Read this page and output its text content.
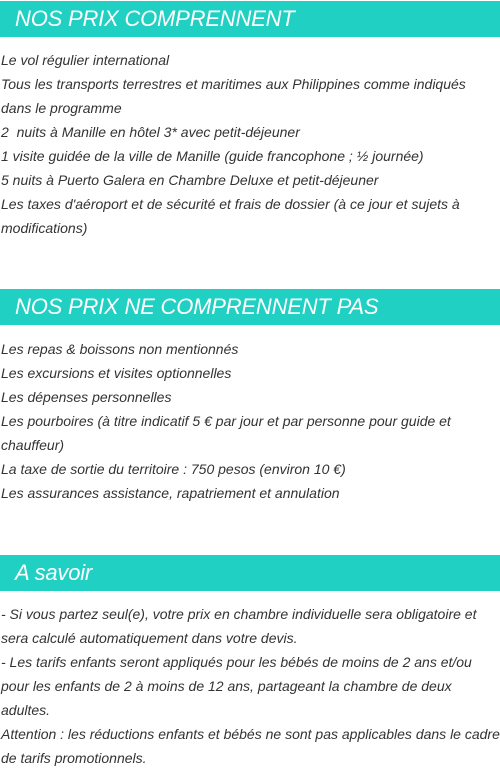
NOS PRIX COMPRENNENT

Le vol régulier international

Tous les transports terrestres et maritimes aux Philippines comme indiqués dans le programme

2  nuits à Manille en hôtel 3* avec petit-déjeuner

1 visite guidée de la ville de Manille (guide francophone ; ½ journée)

5 nuits à Puerto Galera en Chambre Deluxe et petit-déjeuner

Les taxes d'aéroport et de sécurité et frais de dossier (à ce jour et sujets à modifications)

NOS PRIX NE COMPRENNENT PAS

Les repas & boissons non mentionnés

Les excursions et visites optionnelles

Les dépenses personnelles

Les pourboires (à titre indicatif 5 € par jour et par personne pour guide et chauffeur)

La taxe de sortie du territoire : 750 pesos (environ 10 €)

Les assurances assistance, rapatriement et annulation

A savoir

- Si vous partez seul(e), votre prix en chambre individuelle sera obligatoire et sera calculé automatiquement dans votre devis.

- Les tarifs enfants seront appliqués pour les bébés de moins de 2 ans et/ou pour les enfants de 2 à moins de 12 ans, partageant la chambre de deux adultes.

Attention : les réductions enfants et bébés ne sont pas applicables dans le cadre de tarifs promotionnels.
